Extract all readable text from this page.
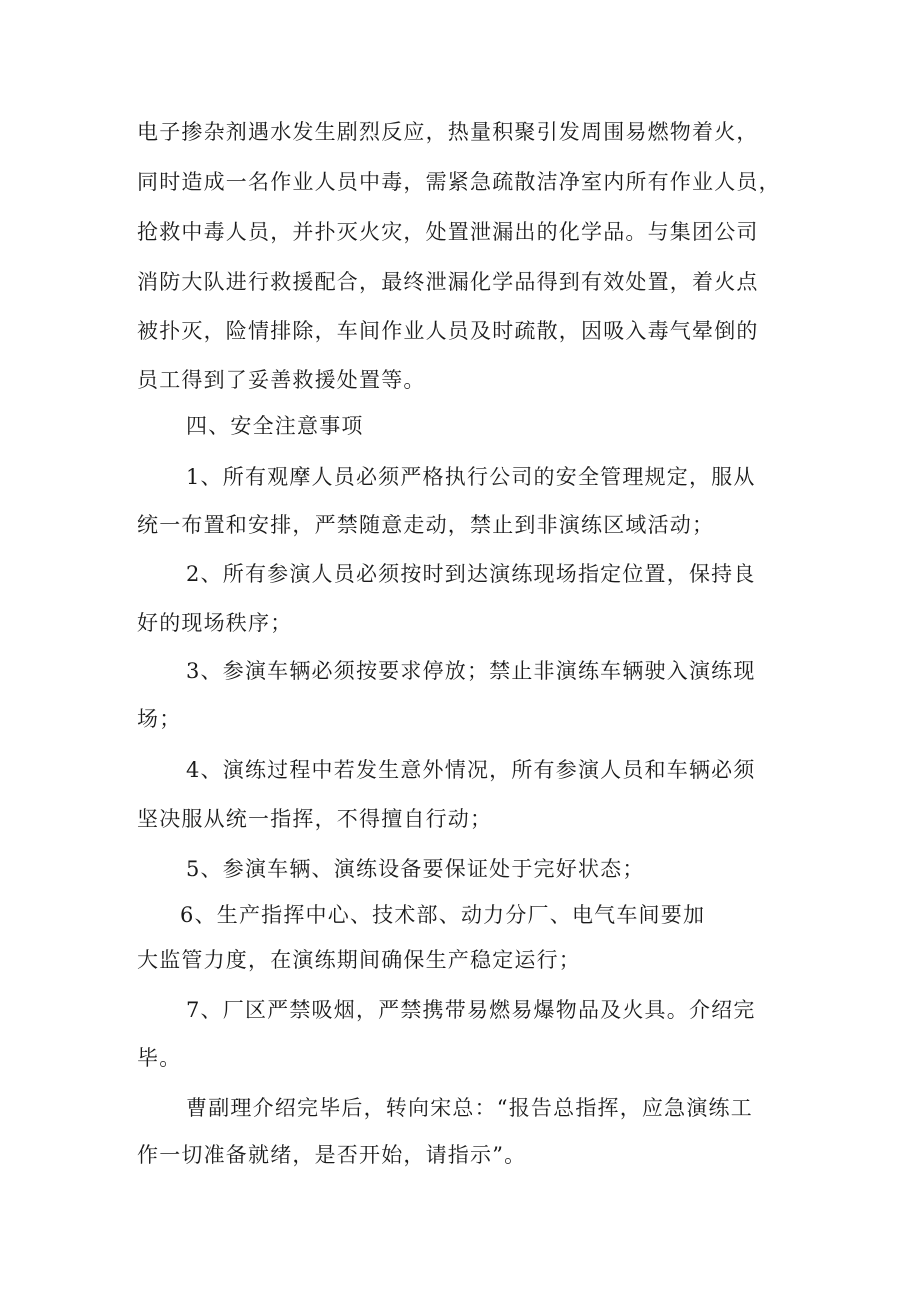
电子掺杂剂遇水发生剧烈反应，热量积聚引发周围易燃物着火，
同时造成一名作业人员中毒，需紧急疏散洁净室内所有作业人员，
抢救中毒人员，并扑灭火灾，处置泄漏出的化学品。与集团公司
消防大队进行救援配合，最终泄漏化学品得到有效处置，着火点
被扑灭，险情排除，车间作业人员及时疏散，因吸入毒气晕倒的
员工得到了妥善救援处置等。
四、安全注意事项
1、所有观摩人员必须严格执行公司的安全管理规定，服从
统一布置和安排，严禁随意走动，禁止到非演练区域活动；
2、所有参演人员必须按时到达演练现场指定位置，保持良
好的现场秩序；
3、参演车辆必须按要求停放；禁止非演练车辆驶入演练现
场；
4、演练过程中若发生意外情况，所有参演人员和车辆必须
坚决服从统一指挥，不得擅自行动；
5、参演车辆、演练设备要保证处于完好状态；
6、生产指挥中心、技术部、动力分厂、电气车间要加
大监管力度，在演练期间确保生产稳定运行；
7、厂区严禁吸烟，严禁携带易燃易爆物品及火具。介绍完
毕。
曹副理介绍完毕后，转向宋总：“报告总指挥，应急演练工
作一切准备就绪，是否开始，请指示”。
